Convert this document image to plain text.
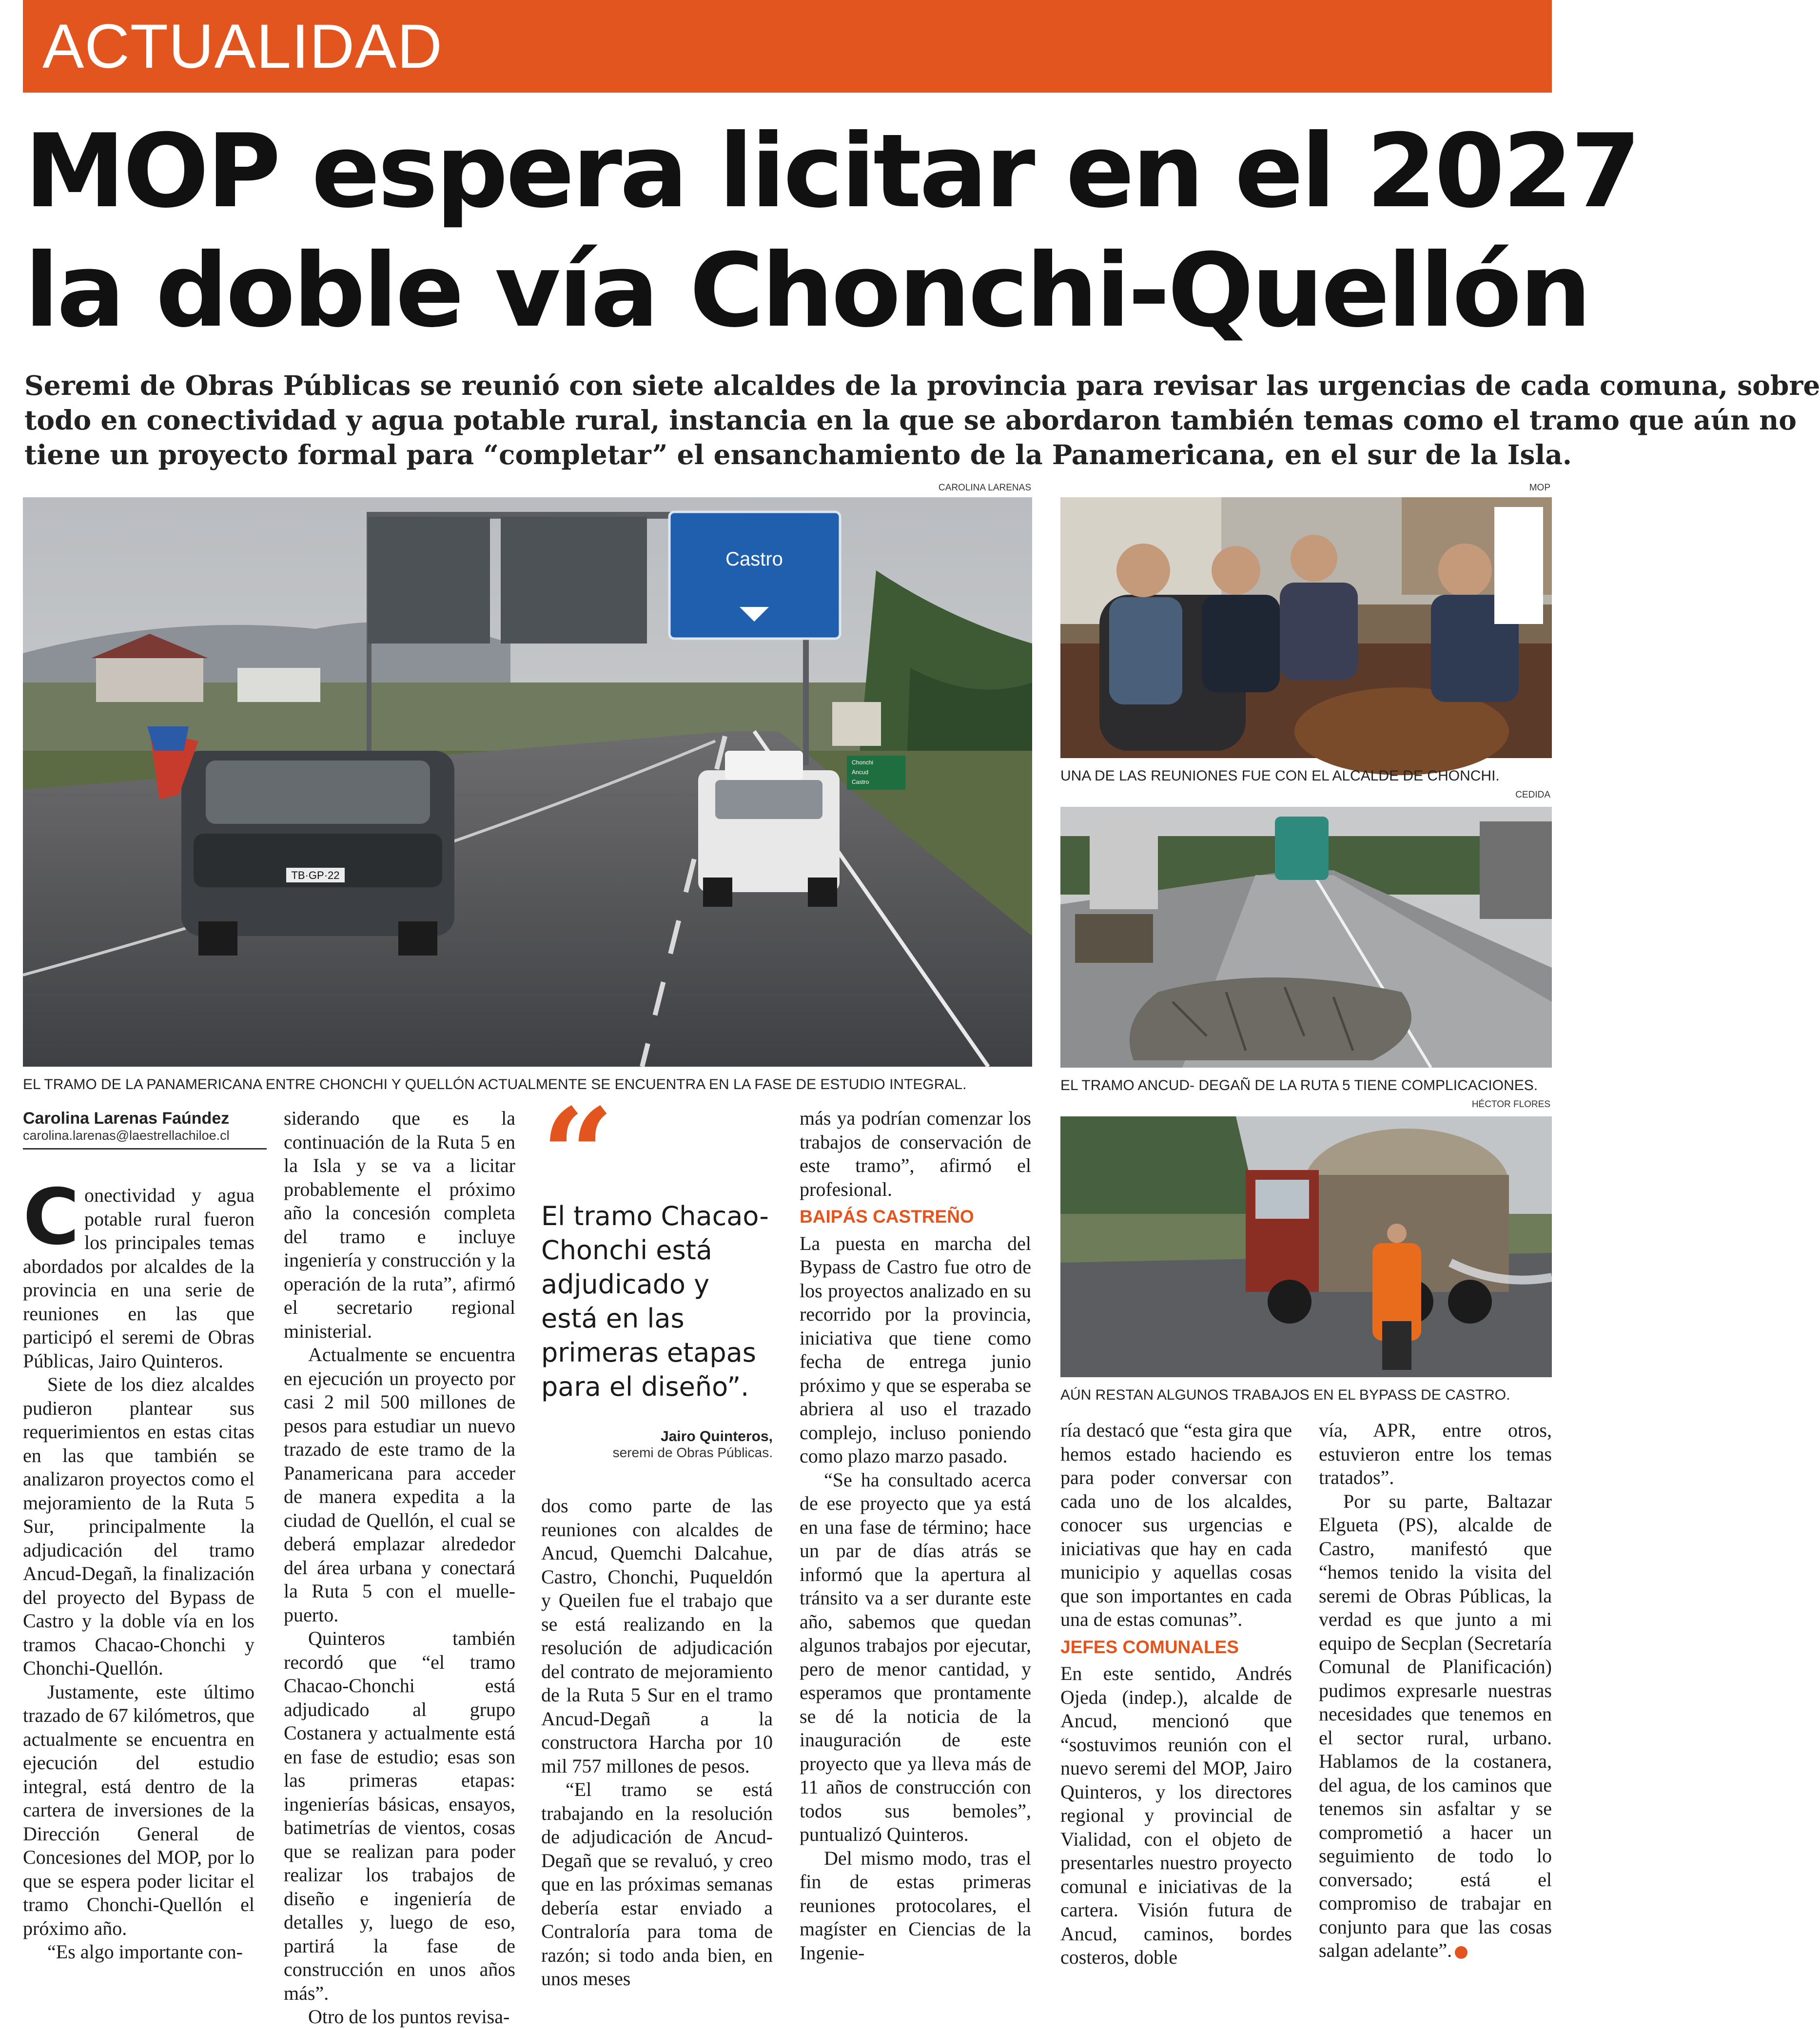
ACTUALIDAD
MOP espera licitar en el 2027
la doble vía Chonchi-Quellón
Seremi de Obras Públicas se reunió con siete alcaldes de la provincia para revisar las urgencias de cada comuna, sobre
todo en conectividad y agua potable rural, instancia en la que se abordaron también temas como el tramo que aún no
tiene un proyecto formal para “completar” el ensanchamiento de la Panamericana, en el sur de la Isla.
CAROLINA LARENAS
Castro
Chonchi
Ancud
Castro
TB·GP·22
EL TRAMO DE LA PANAMERICANA ENTRE CHONCHI Y QUELLÓN ACTUALMENTE SE ENCUENTRA EN LA FASE DE ESTUDIO INTEGRAL.
MOP
UNA DE LAS REUNIONES FUE CON EL ALCALDE DE CHONCHI.
CEDIDA
EL TRAMO ANCUD- DEGAÑ DE LA RUTA 5 TIENE COMPLICACIONES.
HÉCTOR FLORES
AÚN RESTAN ALGUNOS TRABAJOS EN EL BYPASS DE CASTRO.
Carolina Larenas Faúndez
carolina.larenas@laestrellachiloe.cl

Conectividad y agua potable rural fueron los principales temas abordados por alcaldes de la provincia en una serie de reuniones en las que participó el seremi de Obras Públicas, Jairo Quinteros.

Siete de los diez alcaldes pudieron plantear sus requerimientos en estas citas en las que también se analizaron proyectos como el mejoramiento de la Ruta 5 Sur, principalmente la adjudicación del tramo Ancud-Degañ, la finalización del proyecto del Bypass de Castro y la doble vía en los tramos Chacao-Chonchi y Chonchi-Quellón.

Justamente, este último trazado de 67 kilómetros, que actualmente se encuentra en ejecución del estudio integral, está dentro de la cartera de inversiones de la Dirección General de Concesiones del MOP, por lo que se espera poder licitar el tramo Chonchi-Quellón el próximo año.

“Es algo importante con-

siderando que es la continuación de la Ruta 5 en la Isla y se va a licitar probablemente el próximo año la concesión completa del tramo e incluye ingeniería y construcción y la operación de la ruta”, afirmó el secretario regional ministerial.

Actualmente se encuentra en ejecución un proyecto por casi 2 mil 500 millones de pesos para estudiar un nuevo trazado de este tramo de la Panamericana para acceder de manera expedita a la ciudad de Quellón, el cual se deberá emplazar alrededor del área urbana y conectará la Ruta 5 con el muelle-puerto.

Quinteros también recordó que “el tramo Chacao-Chonchi está adjudicado al grupo Costanera y actualmente está en fase de estudio; esas son las primeras etapas: ingenierías básicas, ensayos, batimetrías de vientos, cosas que se realizan para poder realizar los trabajos de diseño e ingeniería de detalles y, luego de eso, partirá la fase de construcción en unos años más”.

Otro de los puntos revisa-

“
El tramo Chacao-Chonchi está adjudicado y está en las primeras etapas para el diseño”.
Jairo Quinteros,
seremi de Obras Públicas.

dos como parte de las reuniones con alcaldes de Ancud, Quemchi Dalcahue, Castro, Chonchi, Puqueldón y Queilen fue el trabajo que se está realizando en la resolución de adjudicación del contrato de mejoramiento de la Ruta 5 Sur en el tramo Ancud-Degañ a la constructora Harcha por 10 mil 757 millones de pesos.

“El tramo se está trabajando en la resolución de adjudicación de Ancud-Degañ que se revaluó, y creo que en las próximas semanas debería estar enviado a Contraloría para toma de razón; si todo anda bien, en unos meses

más ya podrían comenzar los trabajos de conservación de este tramo”, afirmó el profesional.

BAIPÁS CASTREÑO

La puesta en marcha del Bypass de Castro fue otro de los proyectos analizado en su recorrido por la provincia, iniciativa que tiene como fecha de entrega junio próximo y que se esperaba se abriera al uso el trazado complejo, incluso poniendo como plazo marzo pasado.

“Se ha consultado acerca de ese proyecto que ya está en una fase de término; hace un par de días atrás se informó que la apertura al tránsito va a ser durante este año, sabemos que quedan algunos trabajos por ejecutar, pero de menor cantidad, y esperamos que prontamente se dé la noticia de la inauguración de este proyecto que ya lleva más de 11 años de construcción con todos sus bemoles”, puntualizó Quinteros.

Del mismo modo, tras el fin de estas primeras reuniones protocolares, el magíster en Ciencias de la Ingenie-

ría destacó que “esta gira que hemos estado haciendo es para poder conversar con cada uno de los alcaldes, conocer sus urgencias e iniciativas que hay en cada municipio y aquellas cosas que son importantes en cada una de estas comunas”.

JEFES COMUNALES

En este sentido, Andrés Ojeda (indep.), alcalde de Ancud, mencionó que “sostuvimos reunión con el nuevo seremi del MOP, Jairo Quinteros, y los directores regional y provincial de Vialidad, con el objeto de presentarles nuestro proyecto comunal e iniciativas de la cartera. Visión futura de Ancud, caminos, bordes costeros, doble

vía, APR, entre otros, estuvieron entre los temas tratados”.

Por su parte, Baltazar Elgueta (PS), alcalde de Castro, manifestó que “hemos tenido la visita del seremi de Obras Públicas, la verdad es que junto a mi equipo de Secplan (Secretaría Comunal de Planificación) pudimos expresarle nuestras necesidades que tenemos en el sector rural, urbano. Hablamos de la costanera, del agua, de los caminos que tenemos sin asfaltar y se comprometió a hacer un seguimiento de todo lo conversado; está el compromiso de trabajar en conjunto para que las cosas salgan adelante”.
